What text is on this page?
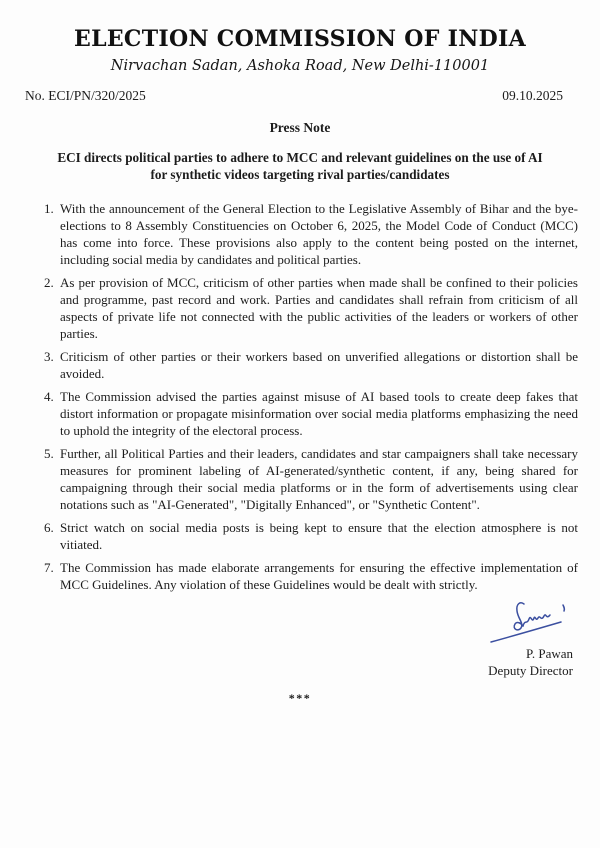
ELECTION COMMISSION OF INDIA
Nirvachan Sadan, Ashoka Road, New Delhi-110001
No. ECI/PN/320/2025	09.10.2025
Press Note
ECI directs political parties to adhere to MCC and relevant guidelines on the use of AI
for synthetic videos targeting rival parties/candidates
1. With the announcement of the General Election to the Legislative Assembly of Bihar and the bye-elections to 8 Assembly Constituencies on October 6, 2025, the Model Code of Conduct (MCC) has come into force. These provisions also apply to the content being posted on the internet, including social media by candidates and political parties.
2. As per provision of MCC, criticism of other parties when made shall be confined to their policies and programme, past record and work. Parties and candidates shall refrain from criticism of all aspects of private life not connected with the public activities of the leaders or workers of other parties.
3. Criticism of other parties or their workers based on unverified allegations or distortion shall be avoided.
4. The Commission advised the parties against misuse of AI based tools to create deep fakes that distort information or propagate misinformation over social media platforms emphasizing the need to uphold the integrity of the electoral process.
5. Further, all Political Parties and their leaders, candidates and star campaigners shall take necessary measures for prominent labeling of AI-generated/synthetic content, if any, being shared for campaigning through their social media platforms or in the form of advertisements using clear notations such as "AI-Generated", "Digitally Enhanced", or "Synthetic Content".
6. Strict watch on social media posts is being kept to ensure that the election atmosphere is not vitiated.
7. The Commission has made elaborate arrangements for ensuring the effective implementation of MCC Guidelines. Any violation of these Guidelines would be dealt with strictly.
P. Pawan
Deputy Director
***
